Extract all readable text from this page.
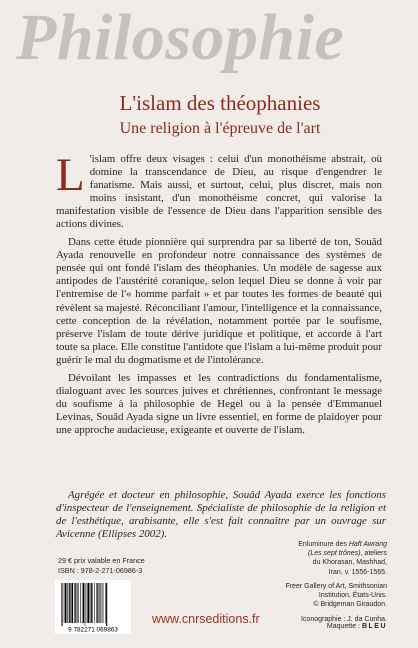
Philosophie
L'islam des théophanies
Une religion à l'épreuve de l'art

L 'islam offre deux visages : celui d'un monothéisme abstrait, où domine la transcendance de Dieu, au risque d'engendrer le fanatisme. Mais aussi, et surtout, celui, plus discret, mais non moins insistant, d'un monothéisme concret, qui valorise la manifestation visible de l'essence de Dieu dans l'apparition sensible des actions divines.

Dans cette étude pionnière qui surprendra par sa liberté de ton, Souâd Ayada renouvelle en profondeur notre connaissance des systèmes de pensée qui ont fondé l'islam des théophanies. Un modèle de sagesse aux antipodes de l'austérité coranique, selon lequel Dieu se donne à voir par l'entremise de l'« homme parfait » et par toutes les formes de beauté qui révèlent sa majesté. Réconciliant l'amour, l'intelligence et la connaissance, cette conception de la révélation, notamment portée par le soufisme, préserve l'islam de toute dérive juridique et politique, et accorde à l'art toute sa place. Elle constitue l'antidote que l'islam a lui-même produit pour guérir le mal du dogmatisme et de l'intolérance.

Dévoilant les impasses et les contradictions du fondamentalisme, dialoguant avec les sources juives et chrétiennes, confrontant le message du soufisme à la philosophie de Hegel ou à la pensée d'Emmanuel Levinas, Souâd Ayada signe un livre essentiel, en forme de plaidoyer pour une approche audacieuse, exigeante et ouverte de l'islam.

Agrégée et docteur en philosophie, Souâd Ayada exerce les fonctions d'inspecteur de l'enseignement. Spécialiste de philosophie de la religion et de l'esthétique, arabisante, elle s'est fait connaître par un ouvrage sur Avicenne (Ellipses 2002).

29 € prix valable en France
ISBN : 978-2-271-06986-3

Enluminure des Haft Awrang
(Les sept trônes), ateliers
du Khorasan, Mashhad,
Iran, v. 1556-1565.

Freer Gallery of Art, Smithsonian
Institution, États-Unis.
© Bridgeman Giraudon.

9 782271 069863
www.cnrseditions.fr	Iconographie : J. da Cunha.
Maquette : BLEU
